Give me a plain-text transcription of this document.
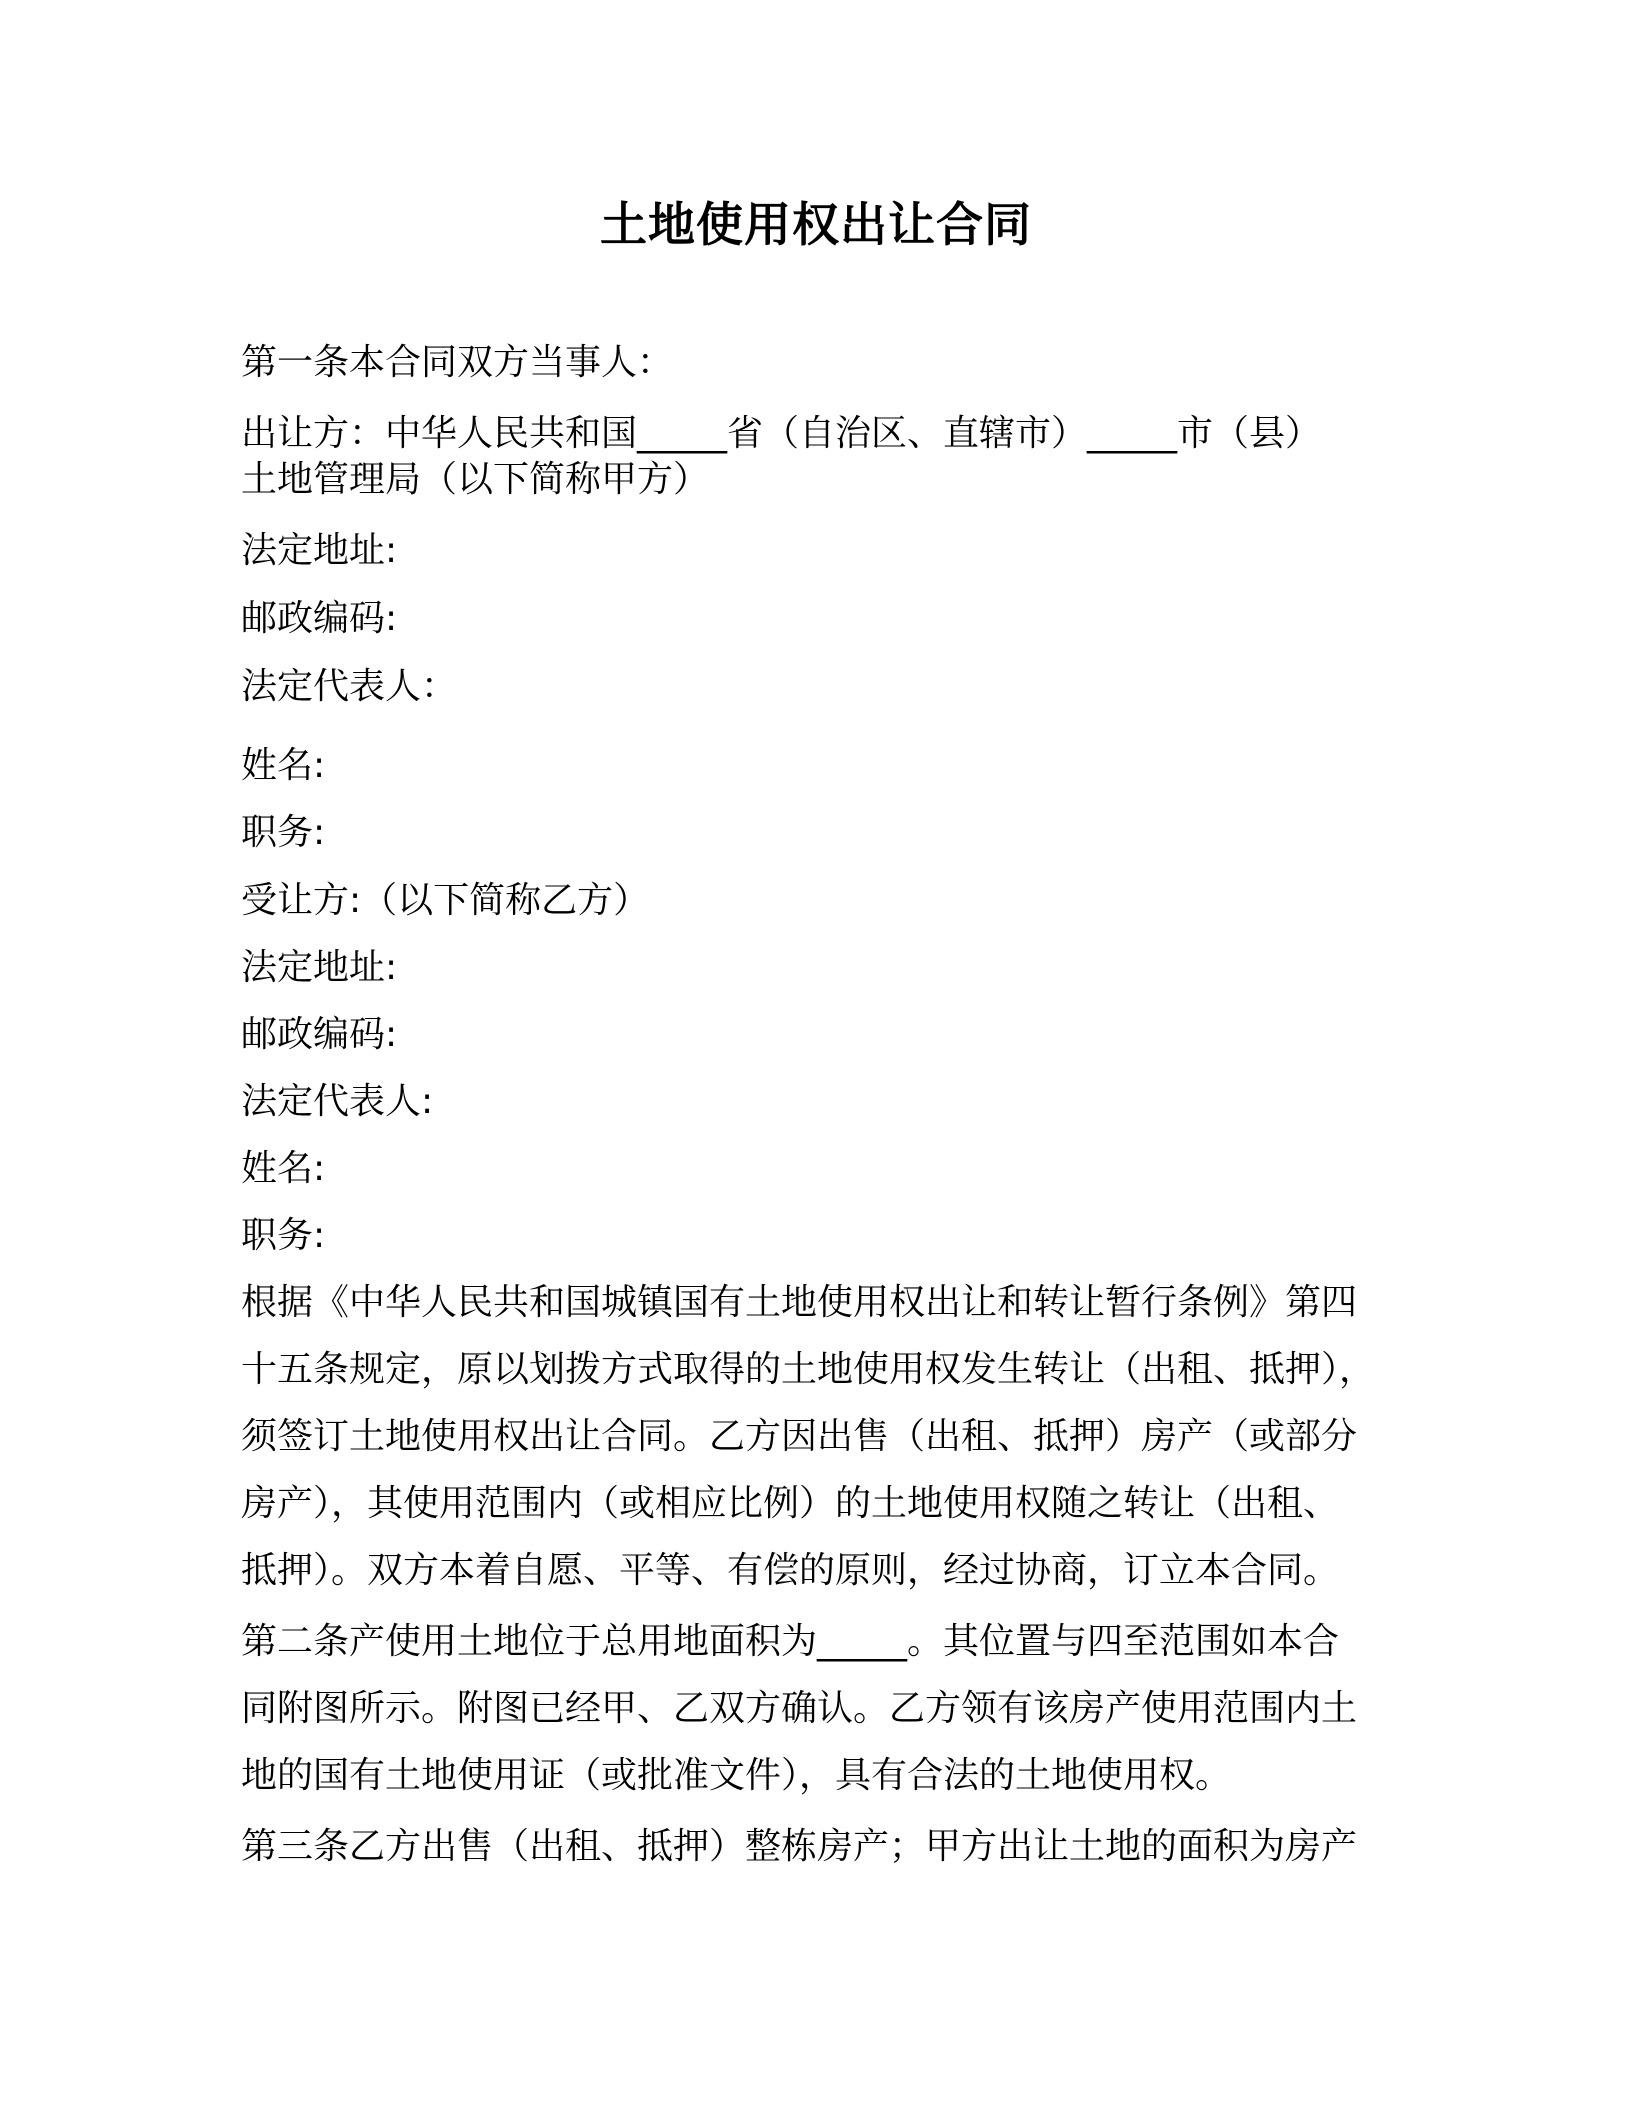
土地使用权出让合同

第一条本合同双方当事人：

出让方：中华人民共和国_____省（自治区、直辖市）_____市（县）

土地管理局（以下简称甲方）

法定地址:

邮政编码:

法定代表人：

姓名:

职务:

受让方:（以下简称乙方）

法定地址:

邮政编码:

法定代表人:

姓名:

职务:

根据《中华人民共和国城镇国有土地使用权出让和转让暂行条例》第四

十五条规定，原以划拨方式取得的土地使用权发生转让（出租、抵押），

须签订土地使用权出让合同。乙方因出售（出租、抵押）房产（或部分

房产），其使用范围内（或相应比例）的土地使用权随之转让（出租、

抵押）。双方本着自愿、平等、有偿的原则，经过协商，订立本合同。

第二条产使用土地位于总用地面积为_____。其位置与四至范围如本合

同附图所示。附图已经甲、乙双方确认。乙方领有该房产使用范围内土

地的国有土地使用证（或批准文件），具有合法的土地使用权。

第三条乙方出售（出租、抵押）整栋房产；甲方出让土地的面积为房产
